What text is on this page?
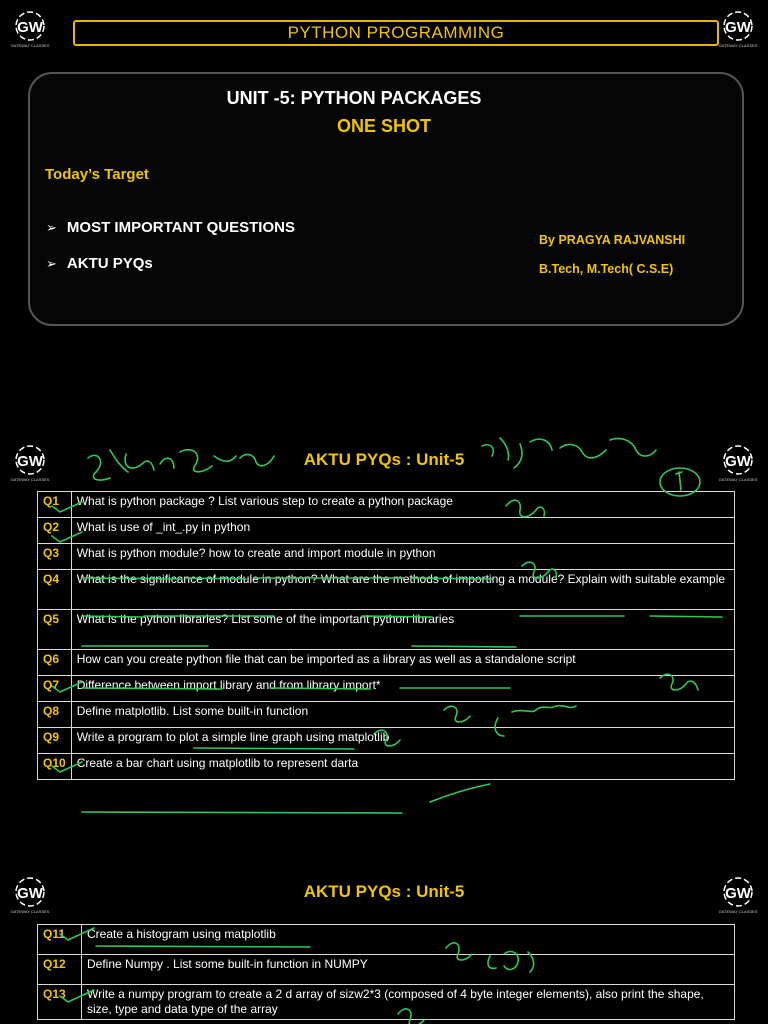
GW
GATEWAY CLASSES
PYTHON PROGRAMMING	GW
GATEWAY CLASSES
UNIT -5: PYTHON PACKAGES
ONE SHOT
Today’s Target
➢ MOST IMPORTANT QUESTIONS
➢ AKTU PYQs
By PRAGYA RAJVANSHI
B.Tech, M.Tech( C.S.E)
GW
GATEWAY CLASSES
GW
GATEWAY CLASSES
AKTU PYQs : Unit-5
Q1	What is python package ? List various step to create a python package
Q2	What is use of _int_.py in python
Q3	What is python module? how to create and import module in python
Q4	What is the significance of module in python? What are the methods of importing a module? Explain with suitable example
Q5	What is the python libraries? List some of the important python libraries
Q6	How can you create python file that can be imported as a library as well as a standalone script
Q7	Difference between import library and from library import*
Q8	Define matplotlib. List some built-in function
Q9	Write a program to plot a simple line graph using matplotlib
Q10	Create a bar chart using matplotlib to represent darta
GW
GATEWAY CLASSES
GW
GATEWAY CLASSES
AKTU PYQs : Unit-5
Q11	Create a histogram using matplotlib
Q12	Define Numpy . List some built-in function in NUMPY
Q13	Write a numpy program to create a 2 d array of sizw2*3 (composed of 4 byte integer elements), also print the shape, size, type and data type of the array
